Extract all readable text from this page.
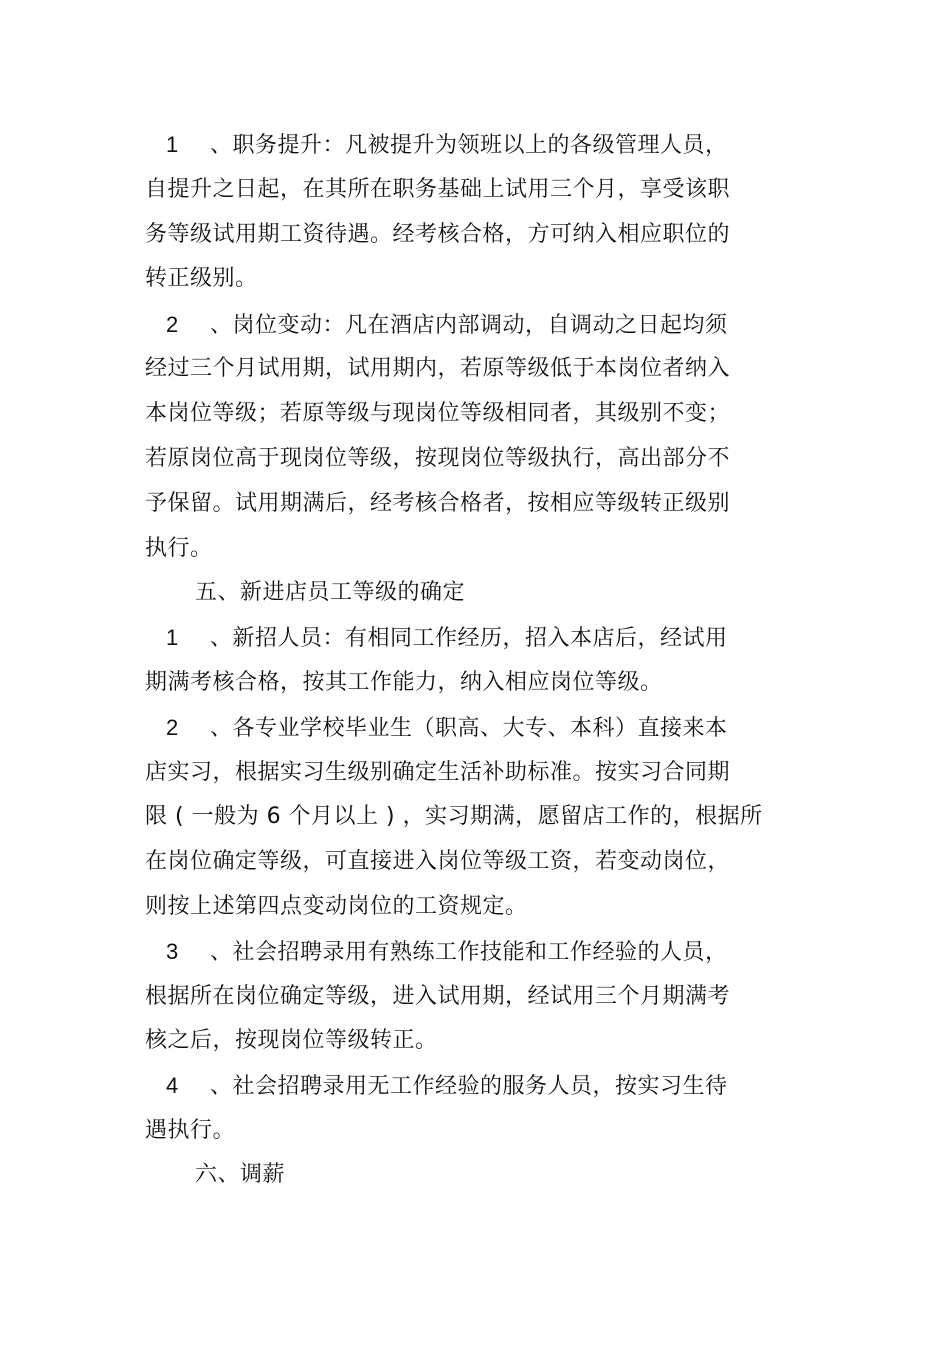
1 、职务提升：凡被提升为领班以上的各级管理人员，
自提升之日起，在其所在职务基础上试用三个月，享受该职
务等级试用期工资待遇。经考核合格，方可纳入相应职位的
转正级别。
2 、岗位变动：凡在酒店内部调动，自调动之日起均须
经过三个月试用期，试用期内，若原等级低于本岗位者纳入
本岗位等级；若原等级与现岗位等级相同者，其级别不变；
若原岗位高于现岗位等级，按现岗位等级执行，高出部分不
予保留。试用期满后，经考核合格者，按相应等级转正级别
执行。
五、新进店员工等级的确定
1 、新招人员：有相同工作经历，招入本店后，经试用
期满考核合格，按其工作能力，纳入相应岗位等级。
2 、各专业学校毕业生（职高、大专、本科）直接来本
店实习，根据实习生级别确定生活补助标准。按实习合同期
限 ( 一般为 6 个月以上 ) ，实习期满，愿留店工作的，根据所
在岗位确定等级，可直接进入岗位等级工资，若变动岗位，
则按上述第四点变动岗位的工资规定。
3 、社会招聘录用有熟练工作技能和工作经验的人员，
根据所在岗位确定等级，进入试用期，经试用三个月期满考
核之后，按现岗位等级转正。
4 、社会招聘录用无工作经验的服务人员，按实习生待
遇执行。
六、调薪
